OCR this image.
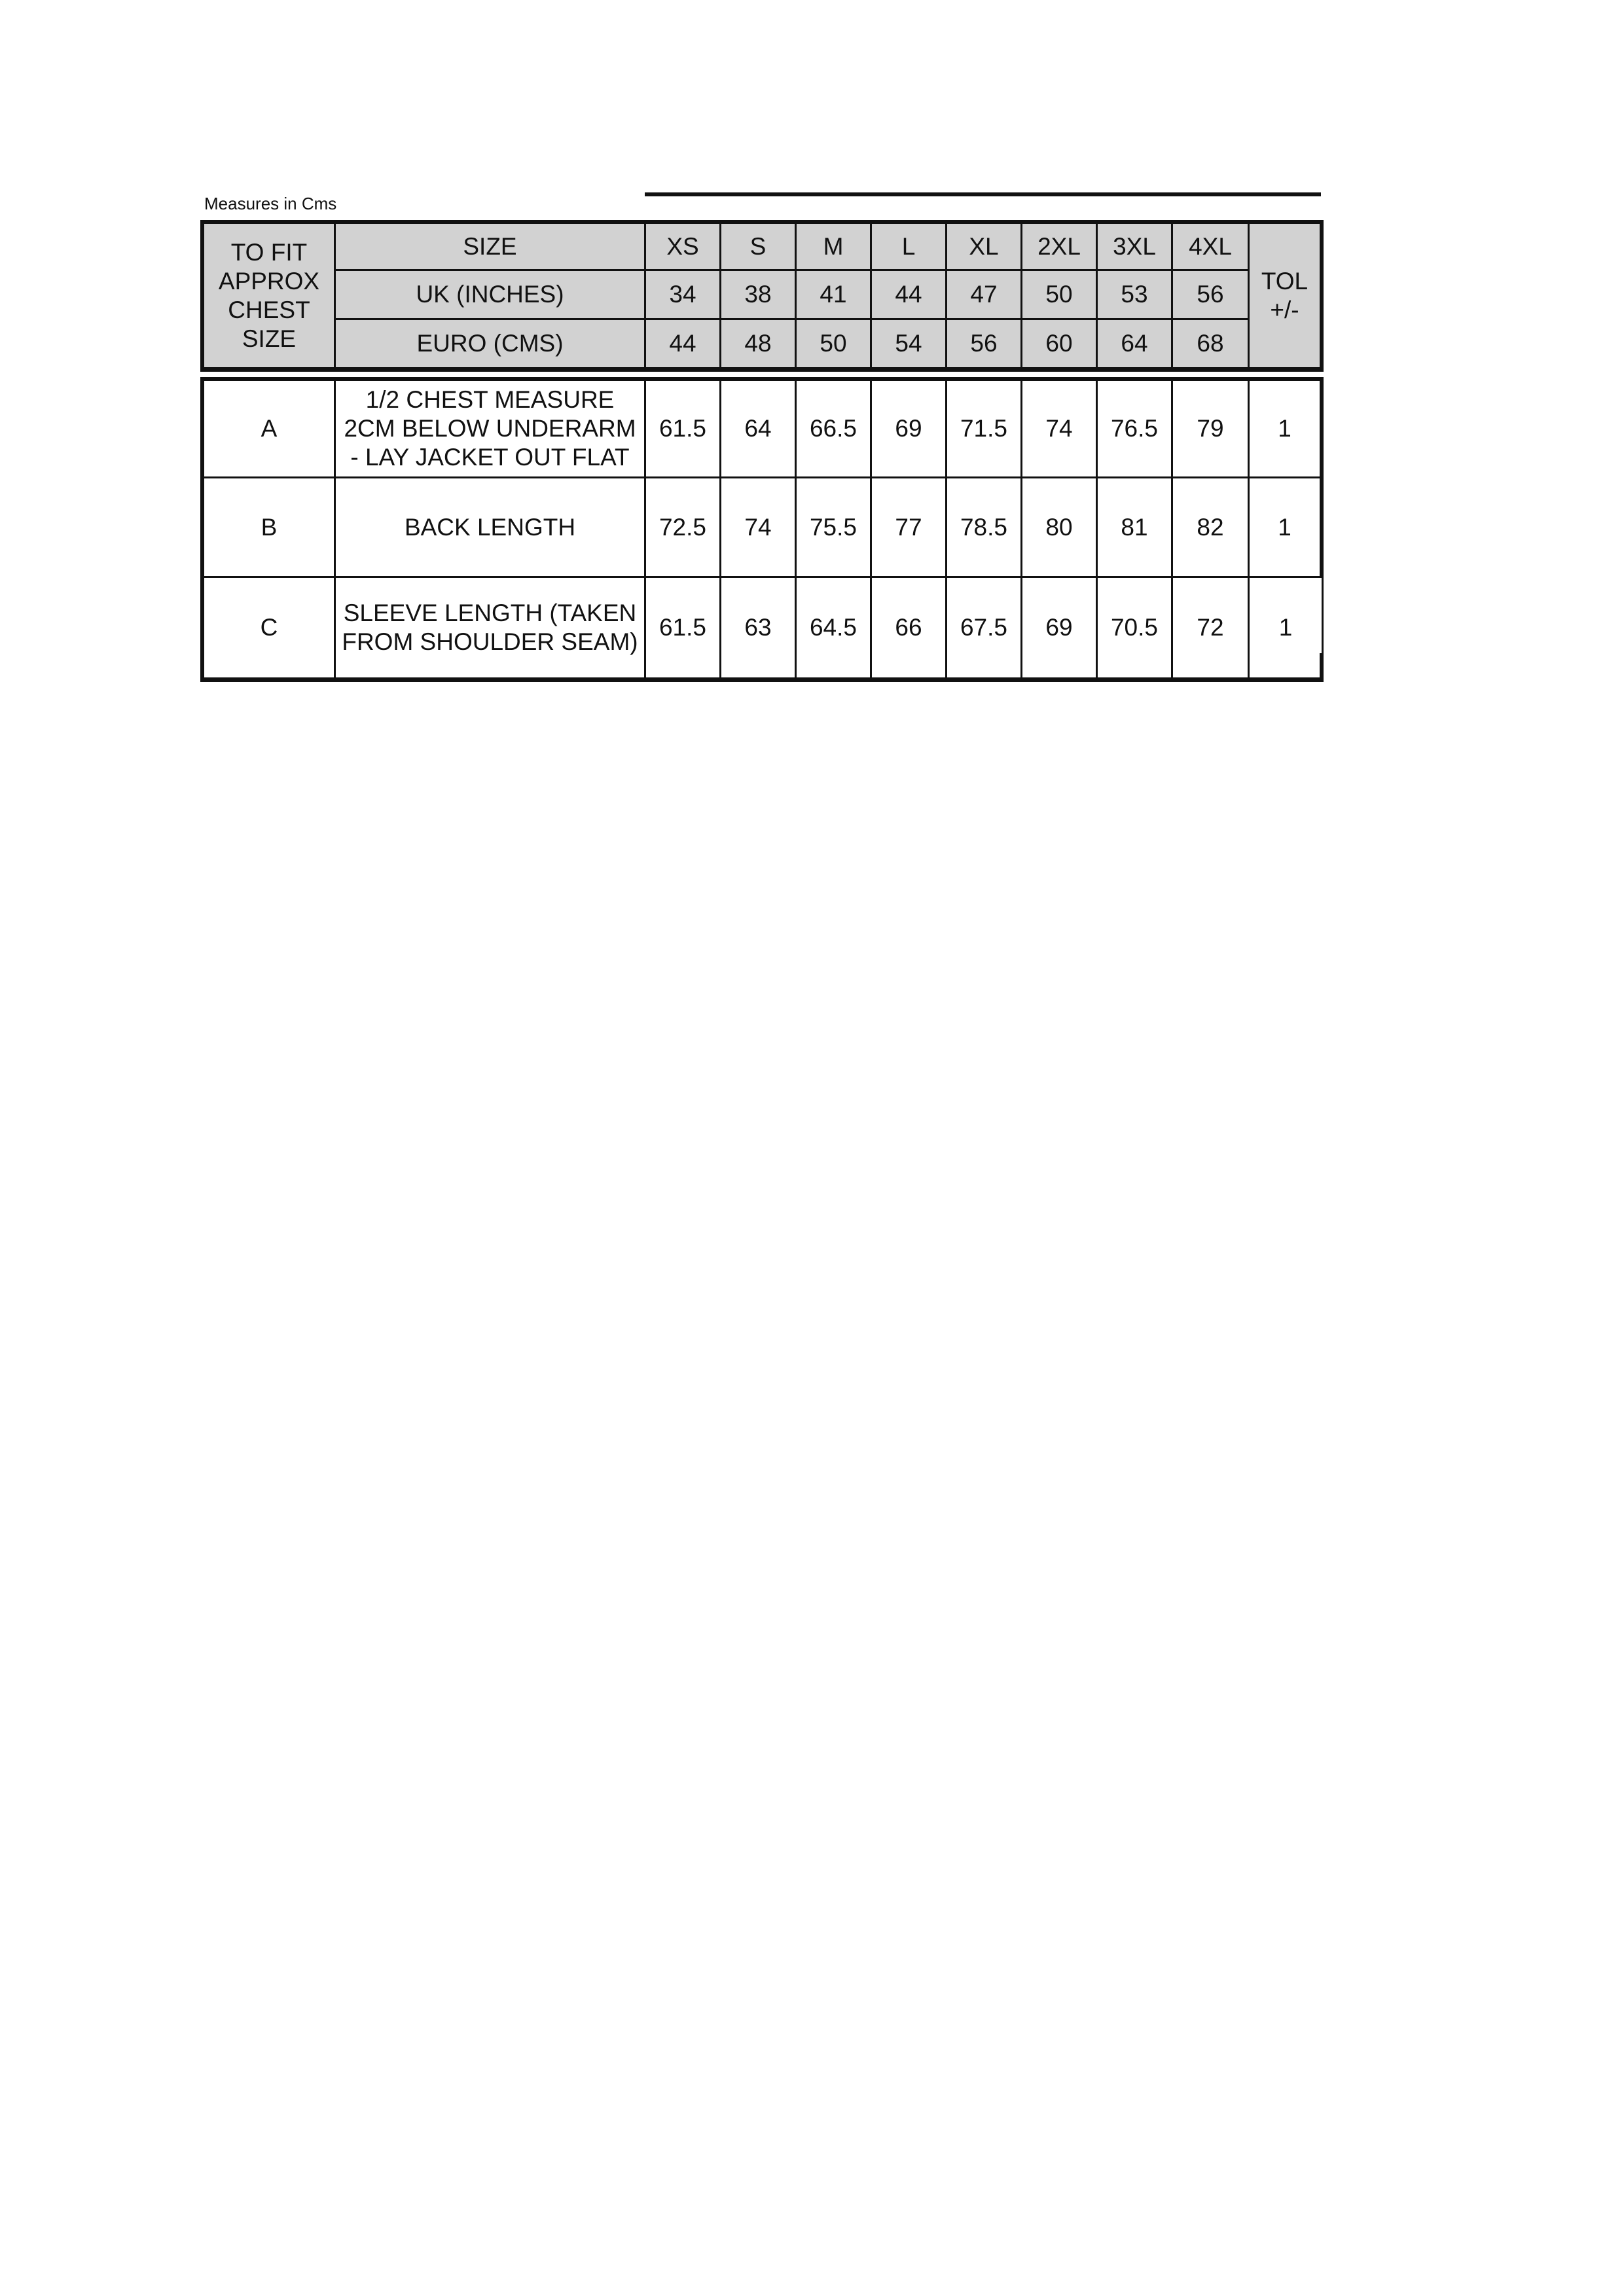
Measures in Cms
TO FIT APPROX CHEST SIZE
SIZE
UK (INCHES)
EURO (CMS)
TOL +/-
XS S M L XL 2XL 3XL 4XL
34 38 41 44 47 50 53 56
44 48 50 54 56 60 64 68
A
1/2 CHEST MEASURE 2CM BELOW UNDERARM - LAY JACKET OUT FLAT
61.5 64 66.5 69 71.5 74 76.5 79 1
B	BACK LENGTH	72.5 74 75.5 77 78.5 80 81 82 1
C
SLEEVE LENGTH (TAKEN FROM SHOULDER SEAM)
61.5 63 64.5 66 67.5 69 70.5 72 1
